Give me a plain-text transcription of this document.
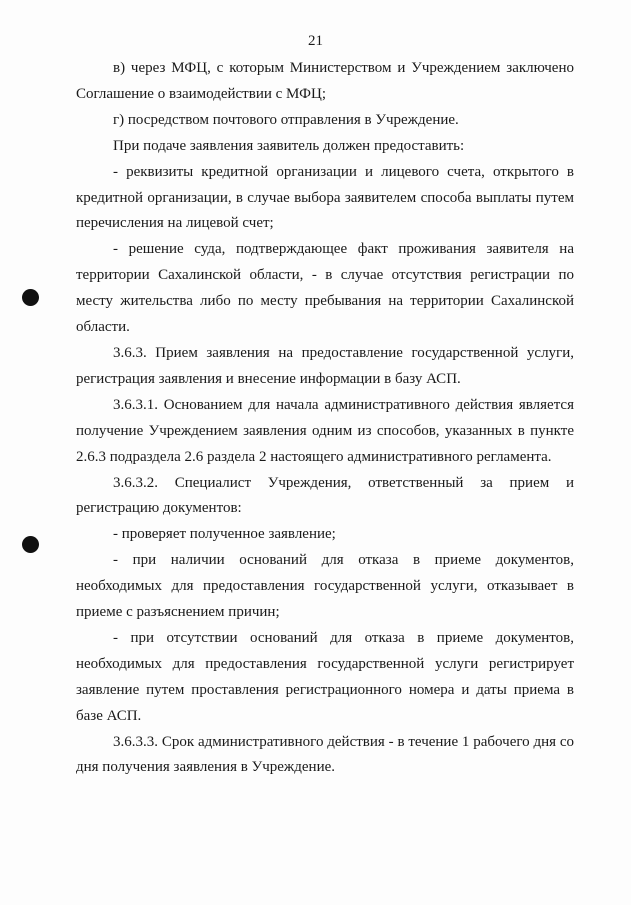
21

в) через МФЦ, с которым Министерством и Учреждением заключено Соглашение о взаимодействии с МФЦ;

г) посредством почтового отправления в Учреждение.

При подаче заявления заявитель должен предоставить:

- реквизиты кредитной организации и лицевого счета, открытого в кредитной организации, в случае выбора заявителем способа выплаты путем перечисления на лицевой счет;

- решение суда, подтверждающее факт проживания заявителя на территории Сахалинской области, - в случае отсутствия регистрации по месту жительства либо по месту пребывания на территории Сахалинской области.

3.6.3. Прием заявления на предоставление государственной услуги, регистрация заявления и внесение информации в базу АСП.

3.6.3.1. Основанием для начала административного действия является получение Учреждением заявления одним из способов, указанных в пункте 2.6.3 подраздела 2.6 раздела 2 настоящего административного регламента.

3.6.3.2. Специалист Учреждения, ответственный за прием и регистрацию документов:

- проверяет полученное заявление;

- при наличии оснований для отказа в приеме документов, необходимых для предоставления государственной услуги, отказывает в приеме с разъяснением причин;

- при отсутствии оснований для отказа в приеме документов, необходимых для предоставления государственной услуги регистрирует заявление путем проставления регистрационного номера и даты приема в базе АСП.

3.6.3.3. Срок административного действия - в течение 1 рабочего дня со дня получения заявления в Учреждение.
